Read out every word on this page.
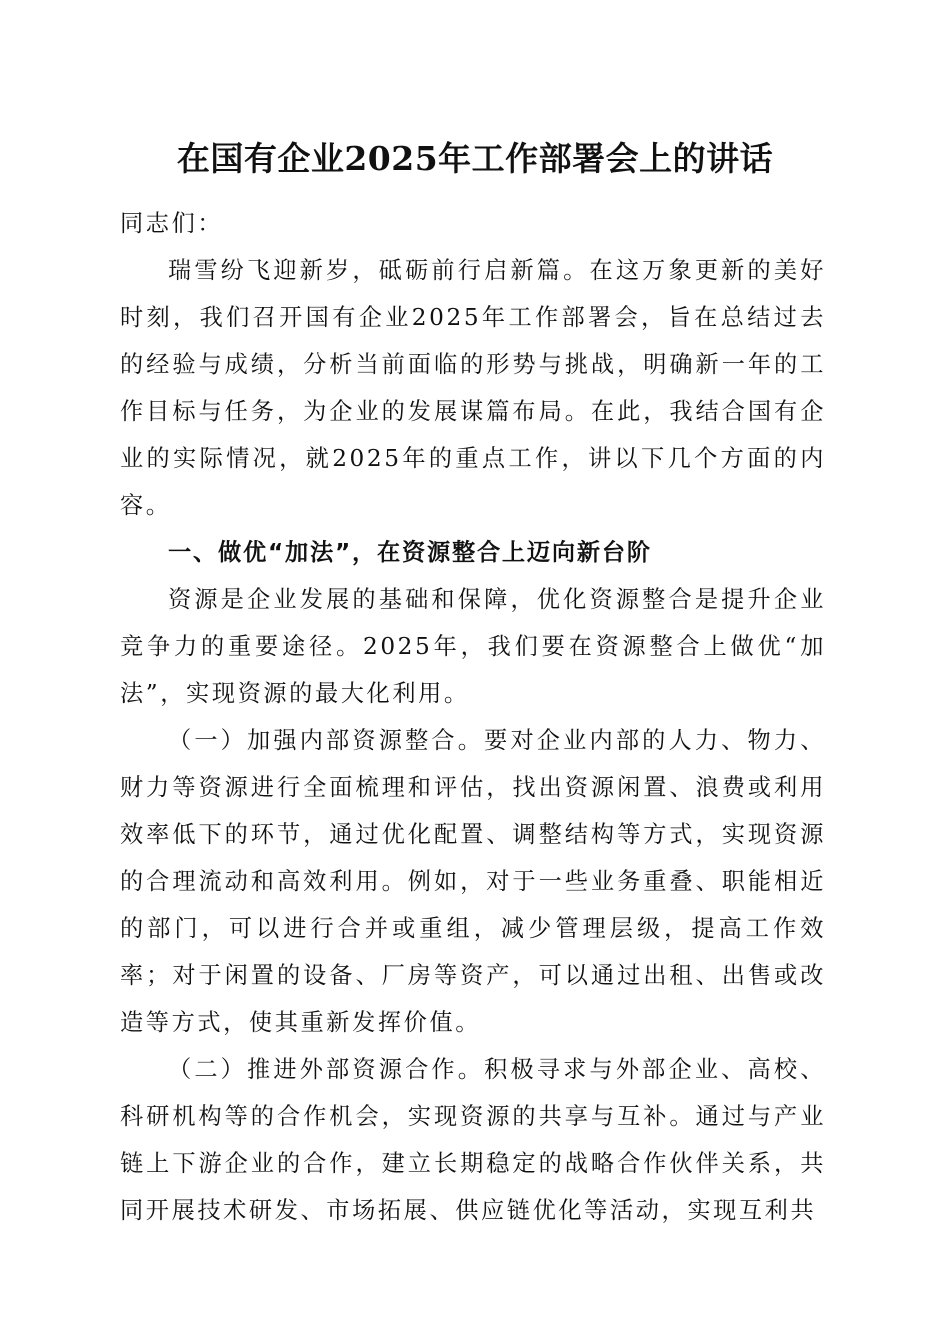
在国有企业2025年工作部署会上的讲话

同志们：

瑞雪纷飞迎新岁，砥砺前行启新篇。在这万象更新的美好时刻，我们召开国有企业2025年工作部署会，旨在总结过去的经验与成绩，分析当前面临的形势与挑战，明确新一年的工作目标与任务，为企业的发展谋篇布局。在此，我结合国有企业的实际情况，就2025年的重点工作，讲以下几个方面的内容。

一、做优“加法”，在资源整合上迈向新台阶

资源是企业发展的基础和保障，优化资源整合是提升企业竞争力的重要途径。2025年，我们要在资源整合上做优“加法”，实现资源的最大化利用。

（一）加强内部资源整合。要对企业内部的人力、物力、财力等资源进行全面梳理和评估，找出资源闲置、浪费或利用效率低下的环节，通过优化配置、调整结构等方式，实现资源的合理流动和高效利用。例如，对于一些业务重叠、职能相近的部门，可以进行合并或重组，减少管理层级，提高工作效率；对于闲置的设备、厂房等资产，可以通过出租、出售或改造等方式，使其重新发挥价值。

（二）推进外部资源合作。积极寻求与外部企业、高校、科研机构等的合作机会，实现资源的共享与互补。通过与产业链上下游企业的合作，建立长期稳定的战略合作伙伴关系，共同开展技术研发、市场拓展、供应链优化等活动，实现互利共
